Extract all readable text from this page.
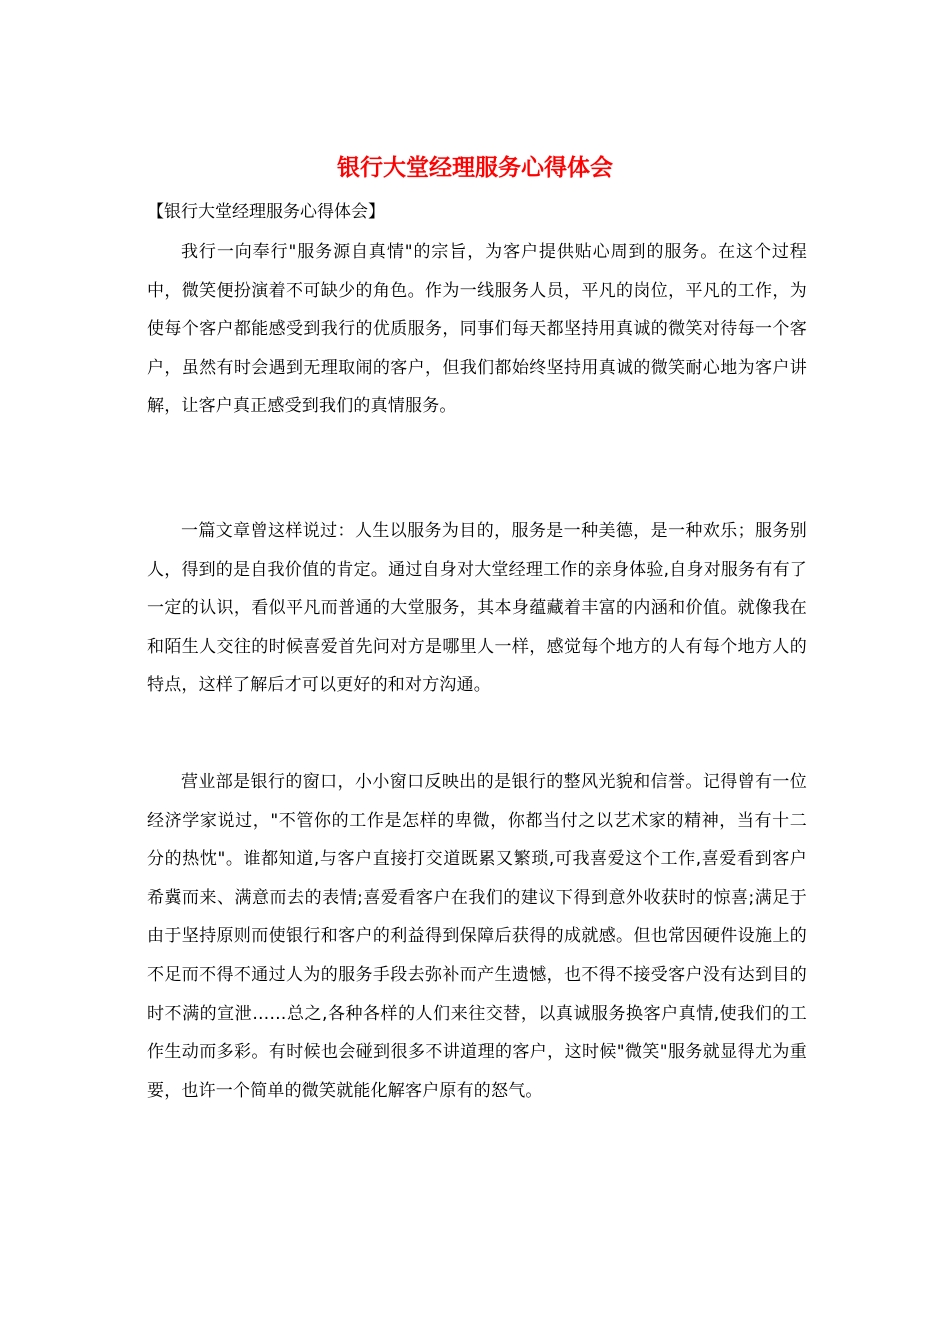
银行大堂经理服务心得体会

【银行大堂经理服务心得体会】

我行一向奉行"服务源自真情"的宗旨，为客户提供贴心周到的服务。在这个过程中，微笑便扮演着不可缺少的角色。作为一线服务人员，平凡的岗位，平凡的工作，为使每个客户都能感受到我行的优质服务，同事们每天都坚持用真诚的微笑对待每一个客户，虽然有时会遇到无理取闹的客户，但我们都始终坚持用真诚的微笑耐心地为客户讲解，让客户真正感受到我们的真情服务。

一篇文章曾这样说过：人生以服务为目的，服务是一种美德，是一种欢乐；服务别人，得到的是自我价值的肯定。通过自身对大堂经理工作的亲身体验,自身对服务有有了一定的认识，看似平凡而普通的大堂服务，其本身蕴藏着丰富的内涵和价值。就像我在和陌生人交往的时候喜爱首先问对方是哪里人一样，感觉每个地方的人有每个地方人的特点，这样了解后才可以更好的和对方沟通。

营业部是银行的窗口，小小窗口反映出的是银行的整风光貌和信誉。记得曾有一位经济学家说过，"不管你的工作是怎样的卑微，你都当付之以艺术家的精神，当有十二分的热忱"。谁都知道,与客户直接打交道既累又繁琐,可我喜爱这个工作,喜爱看到客户希冀而来、满意而去的表情;喜爱看客户在我们的建议下得到意外收获时的惊喜;满足于由于坚持原则而使银行和客户的利益得到保障后获得的成就感。但也常因硬件设施上的不足而不得不通过人为的服务手段去弥补而产生遗憾，也不得不接受客户没有达到目的时不满的宣泄……总之,各种各样的人们来往交替，以真诚服务换客户真情,使我们的工作生动而多彩。有时候也会碰到很多不讲道理的客户，这时候"微笑"服务就显得尤为重要，也许一个简单的微笑就能化解客户原有的怒气。
